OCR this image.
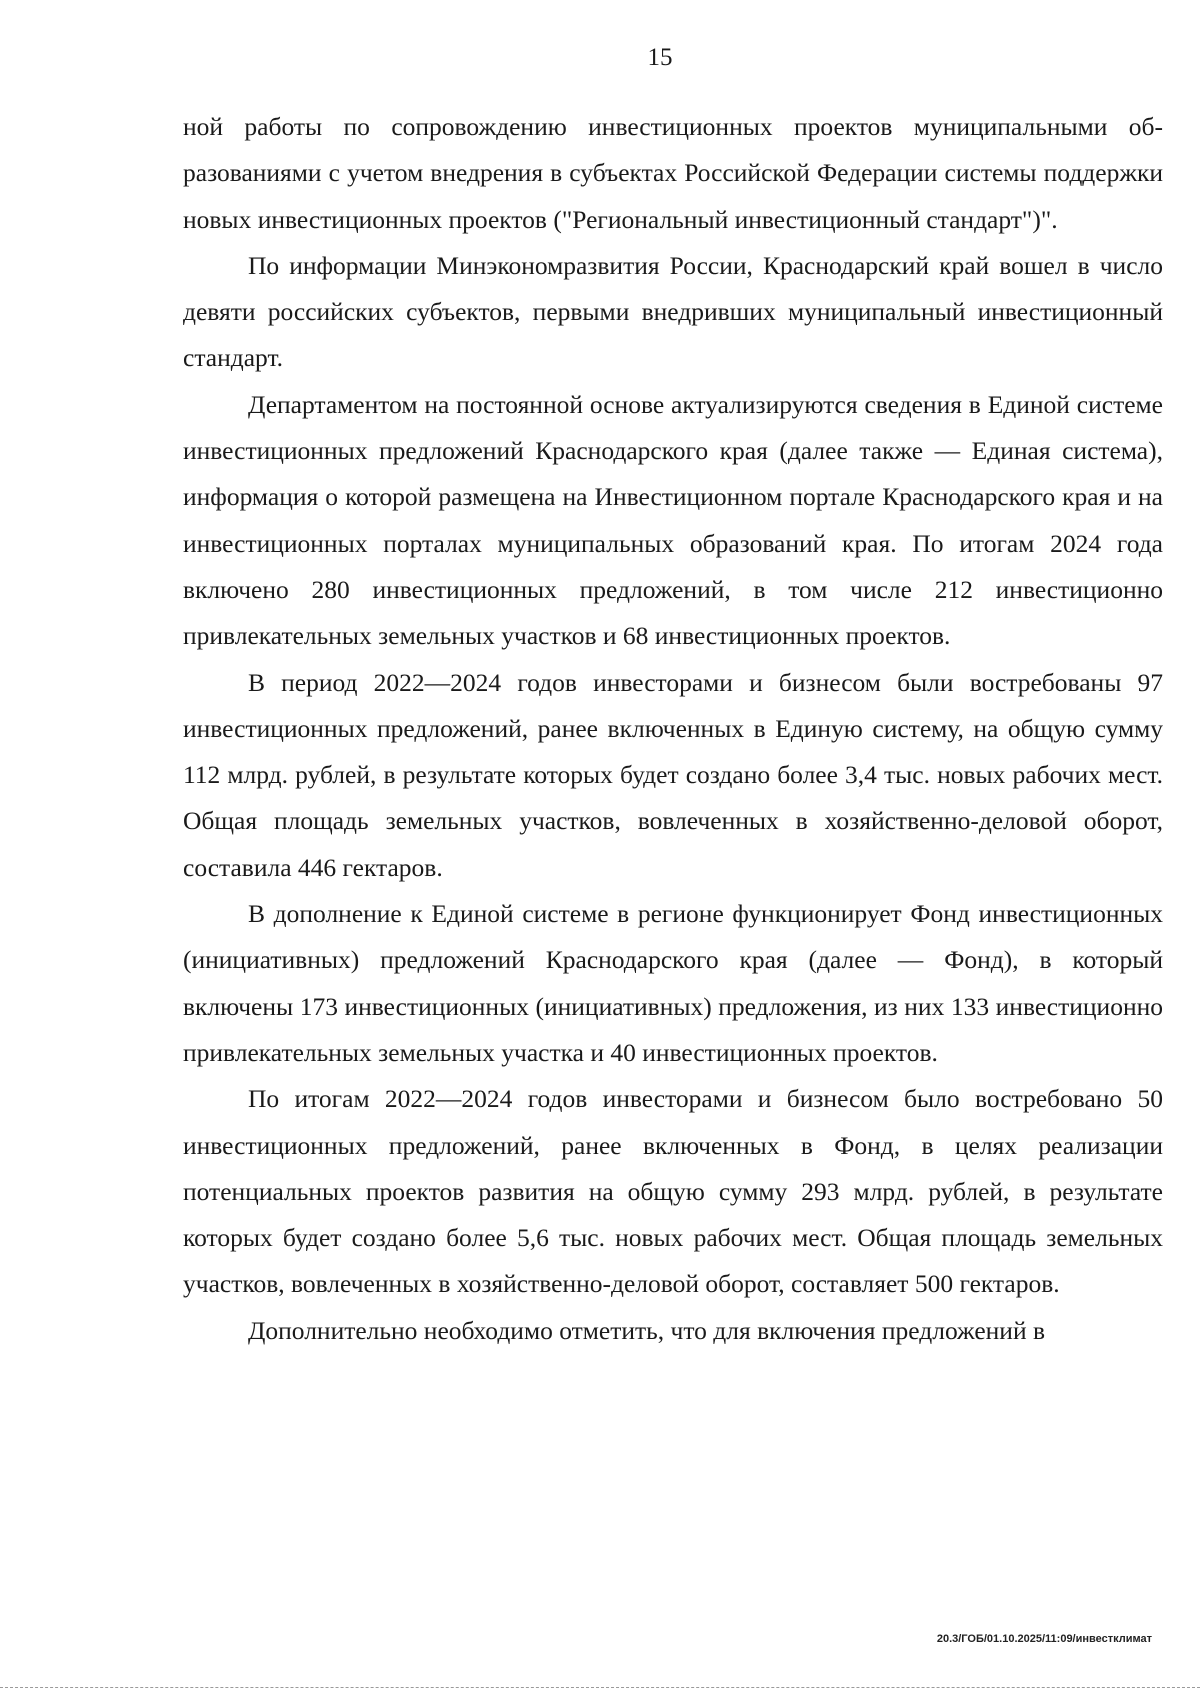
15

ной работы по сопровождению инвестиционных проектов муниципальными образованиями с учетом внедрения в субъектах Российской Федерации системы поддержки новых инвестиционных проектов ("Региональный инвестиционный стандарт")".

По информации Минэкономразвития России, Краснодарский край вошел в число девяти российских субъектов, первыми внедривших муниципальный инвестиционный стандарт.

Департаментом на постоянной основе актуализируются сведения в Единой системе инвестиционных предложений Краснодарского края (далее также — Единая система), информация о которой размещена на Инвестиционном портале Краснодарского края и на инвестиционных порталах муниципальных образований края. По итогам 2024 года включено 280 инвестиционных предложений, в том числе 212 инвестиционно привлекательных земельных участков и 68 инвестиционных проектов.

В период 2022—2024 годов инвесторами и бизнесом были востребованы 97 инвестиционных предложений, ранее включенных в Единую систему, на общую сумму 112 млрд. рублей, в результате которых будет создано более 3,4 тыс. новых рабочих мест. Общая площадь земельных участков, вовлеченных в хозяйственно-деловой оборот, составила 446 гектаров.

В дополнение к Единой системе в регионе функционирует Фонд инвестиционных (инициативных) предложений Краснодарского края (далее — Фонд), в который включены 173 инвестиционных (инициативных) предложения, из них 133 инвестиционно привлекательных земельных участка и 40 инвестиционных проектов.

По итогам 2022—2024 годов инвесторами и бизнесом было востребовано 50 инвестиционных предложений, ранее включенных в Фонд, в целях реализации потенциальных проектов развития на общую сумму 293 млрд. рублей, в результате которых будет создано более 5,6 тыс. новых рабочих мест. Общая площадь земельных участков, вовлеченных в хозяйственно-деловой оборот, составляет 500 гектаров.

Дополнительно необходимо отметить, что для включения предложений в

20.3/ГОБ/01.10.2025/11:09/инвестклимат
